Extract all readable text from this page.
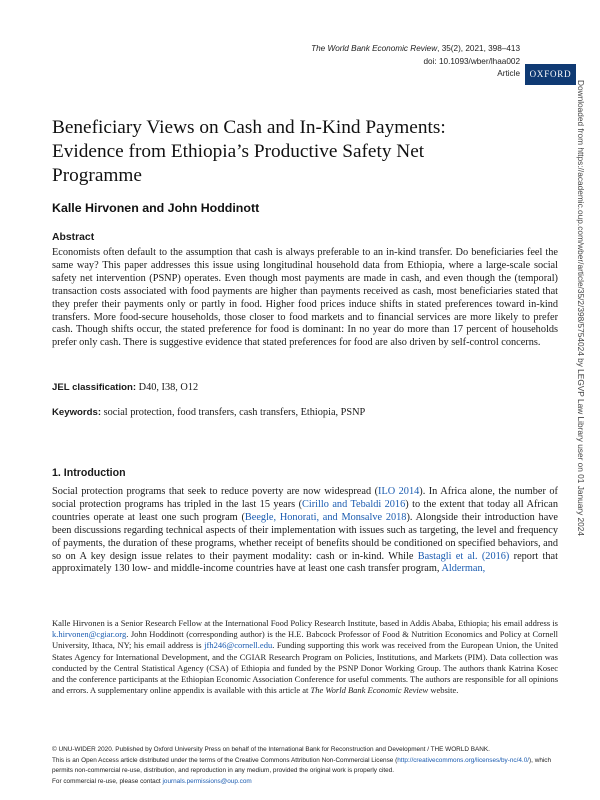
The World Bank Economic Review, 35(2), 2021, 398–413
doi: 10.1093/wber/lhaa002
Article	OXFORD
Beneficiary Views on Cash and In-Kind Payments: Evidence from Ethiopia’s Productive Safety Net Programme
Kalle Hirvonen and John Hoddinott
Abstract

Economists often default to the assumption that cash is always preferable to an in-kind transfer. Do beneficiaries feel the same way? This paper addresses this issue using longitudinal household data from Ethiopia, where a large-scale social safety net intervention (PSNP) operates. Even though most payments are made in cash, and even though the (temporal) transaction costs associated with food payments are higher than payments received as cash, most beneficiaries stated that they prefer their payments only or partly in food. Higher food prices induce shifts in stated preferences toward in-kind transfers. More food-secure households, those closer to food markets and to financial services are more likely to prefer cash. Though shifts occur, the stated preference for food is dominant: In no year do more than 17 percent of households prefer only cash. There is suggestive evidence that stated preferences for food are also driven by self-control concerns.

JEL classification: D40, I38, O12

Keywords: social protection, food transfers, cash transfers, Ethiopia, PSNP

1. Introduction

Social protection programs that seek to reduce poverty are now widespread (ILO 2014). In Africa alone, the number of social protection programs has tripled in the last 15 years (Cirillo and Tebaldi 2016) to the extent that today all African countries operate at least one such program (Beegle, Honorati, and Monsalve 2018). Alongside their introduction have been discussions regarding technical aspects of their implementation with issues such as targeting, the level and frequency of payments, the duration of these programs, whether receipt of benefits should be conditioned on specified behaviors, and so on A key design issue relates to their payment modality: cash or in-kind. While Bastagli et al. (2016) report that approximately 130 low- and middle-income countries have at least one cash transfer program, Alderman,

Kalle Hirvonen is a Senior Research Fellow at the International Food Policy Research Institute, based in Addis Ababa, Ethiopia; his email address is k.hirvonen@cgiar.org. John Hoddinott (corresponding author) is the H.E. Babcock Professor of Food & Nutrition Economics and Policy at Cornell University, Ithaca, NY; his email address is jfh246@cornell.edu. Funding supporting this work was received from the European Union, the United States Agency for International Development, and the CGIAR Research Program on Policies, Institutions, and Markets (PIM). Data collection was conducted by the Central Statistical Agency (CSA) of Ethiopia and funded by the PSNP Donor Working Group. The authors thank Katrina Kosec and the conference participants at the Ethiopian Economic Association Conference for useful comments. The authors are responsible for all opinions and errors. A supplementary online appendix is available with this article at The World Bank Economic Review website.

© UNU-WIDER 2020. Published by Oxford University Press on behalf of the International Bank for Reconstruction and Development / THE WORLD BANK.
This is an Open Access article distributed under the terms of the Creative Commons Attribution Non-Commercial License (http://creativecommons.org/licenses/by-nc/4.0/), which permits non-commercial re-use, distribution, and reproduction in any medium, provided the original work is properly cited.
For commercial re-use, please contact journals.permissions@oup.com
Downloaded from https://academic.oup.com/wber/article/35/2/398/5754024 by LEGVP Law Library user on 01 January 2024
